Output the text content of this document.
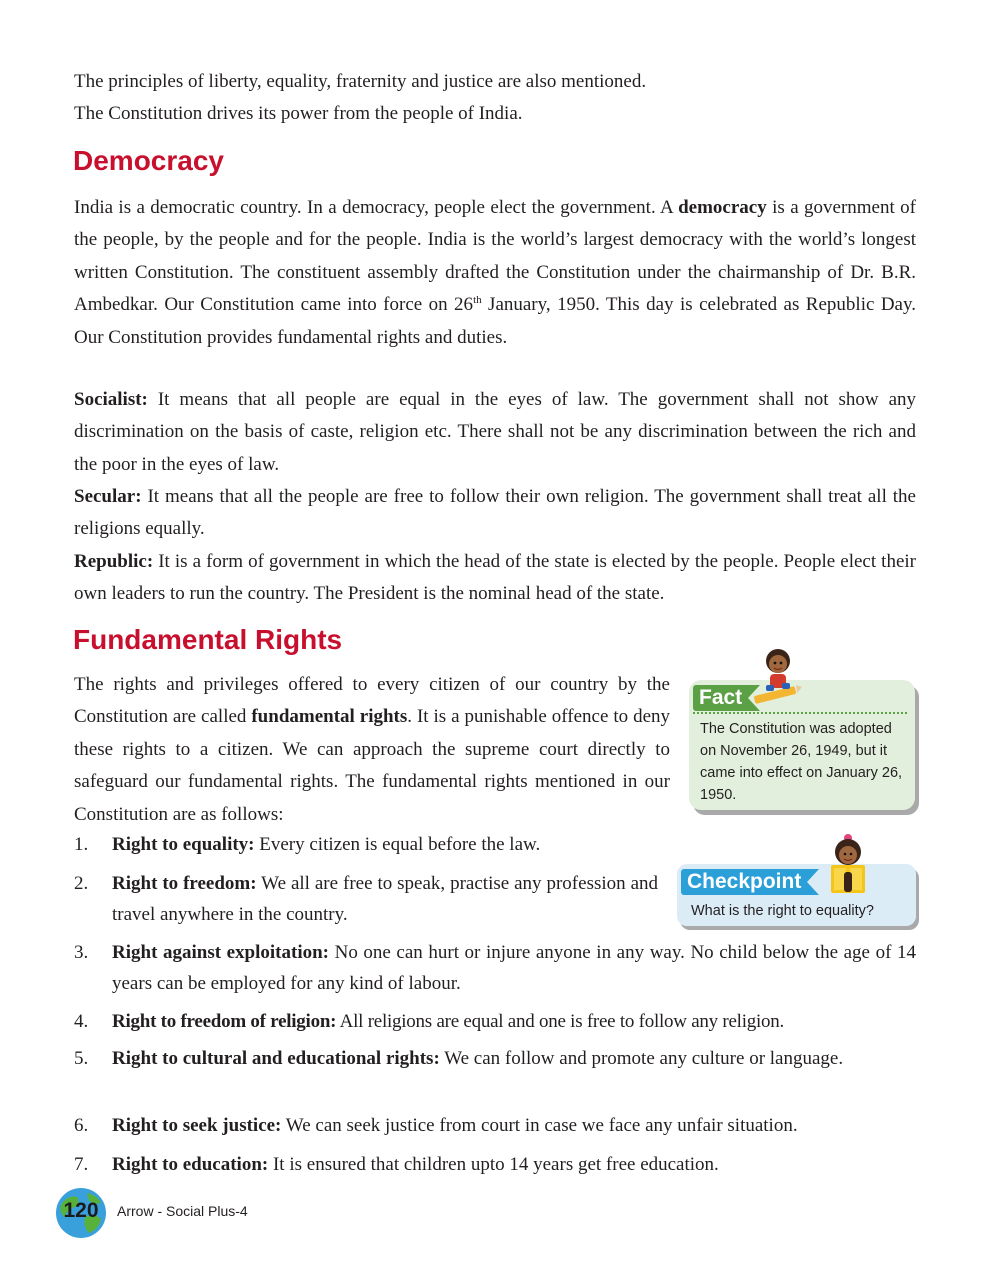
The principles of liberty, equality, fraternity and justice are also mentioned.
The Constitution drives its power from the people of India.

Democracy

India is a democratic country. In a democracy, people elect the government. A democracy is a government of the people, by the people and for the people. India is the world’s largest democracy with the world’s longest written Constitution. The constituent assembly drafted the Constitution under the chairmanship of Dr. B.R. Ambedkar. Our Constitution came into force on 26th January, 1950. This day is celebrated as Republic Day. Our Constitution provides fundamental rights and duties.

Socialist: It means that all people are equal in the eyes of law. The government shall not show any discrimination on the basis of caste, religion etc. There shall not be any discrimination between the rich and the poor in the eyes of law.

Secular: It means that all the people are free to follow their own religion. The government shall treat all the religions equally.

Republic: It is a form of government in which the head of the state is elected by the people. People elect their own leaders to run the country. The President is the nominal head of the state.

Fundamental Rights

The rights and privileges offered to every citizen of our country by the Constitution are called fundamental rights. It is a punishable offence to deny these rights to a citizen. We can approach the supreme court directly to safeguard our fundamental rights. The fundamental rights mentioned in our Constitution are as follows:

1. Right to equality: Every citizen is equal before the law.

2. Right to freedom: We all are free to speak, practise any profession and travel anywhere in the country.

3. Right against exploitation: No one can hurt or injure anyone in any way. No child below the age of 14 years can be employed for any kind of labour.

4. Right to freedom of religion: All religions are equal and one is free to follow any religion.

5. Right to cultural and educational rights: We can follow and promote any culture or language.

6. Right to seek justice: We can seek justice from court in case we face any unfair situation.

7. Right to education: It is ensured that children upto 14 years get free education.

Fact
The Constitution was adopted on November 26, 1949, but it came into effect on January 26, 1950.
Checkpoint
What is the right to equality?
120	Arrow - Social Plus-4
